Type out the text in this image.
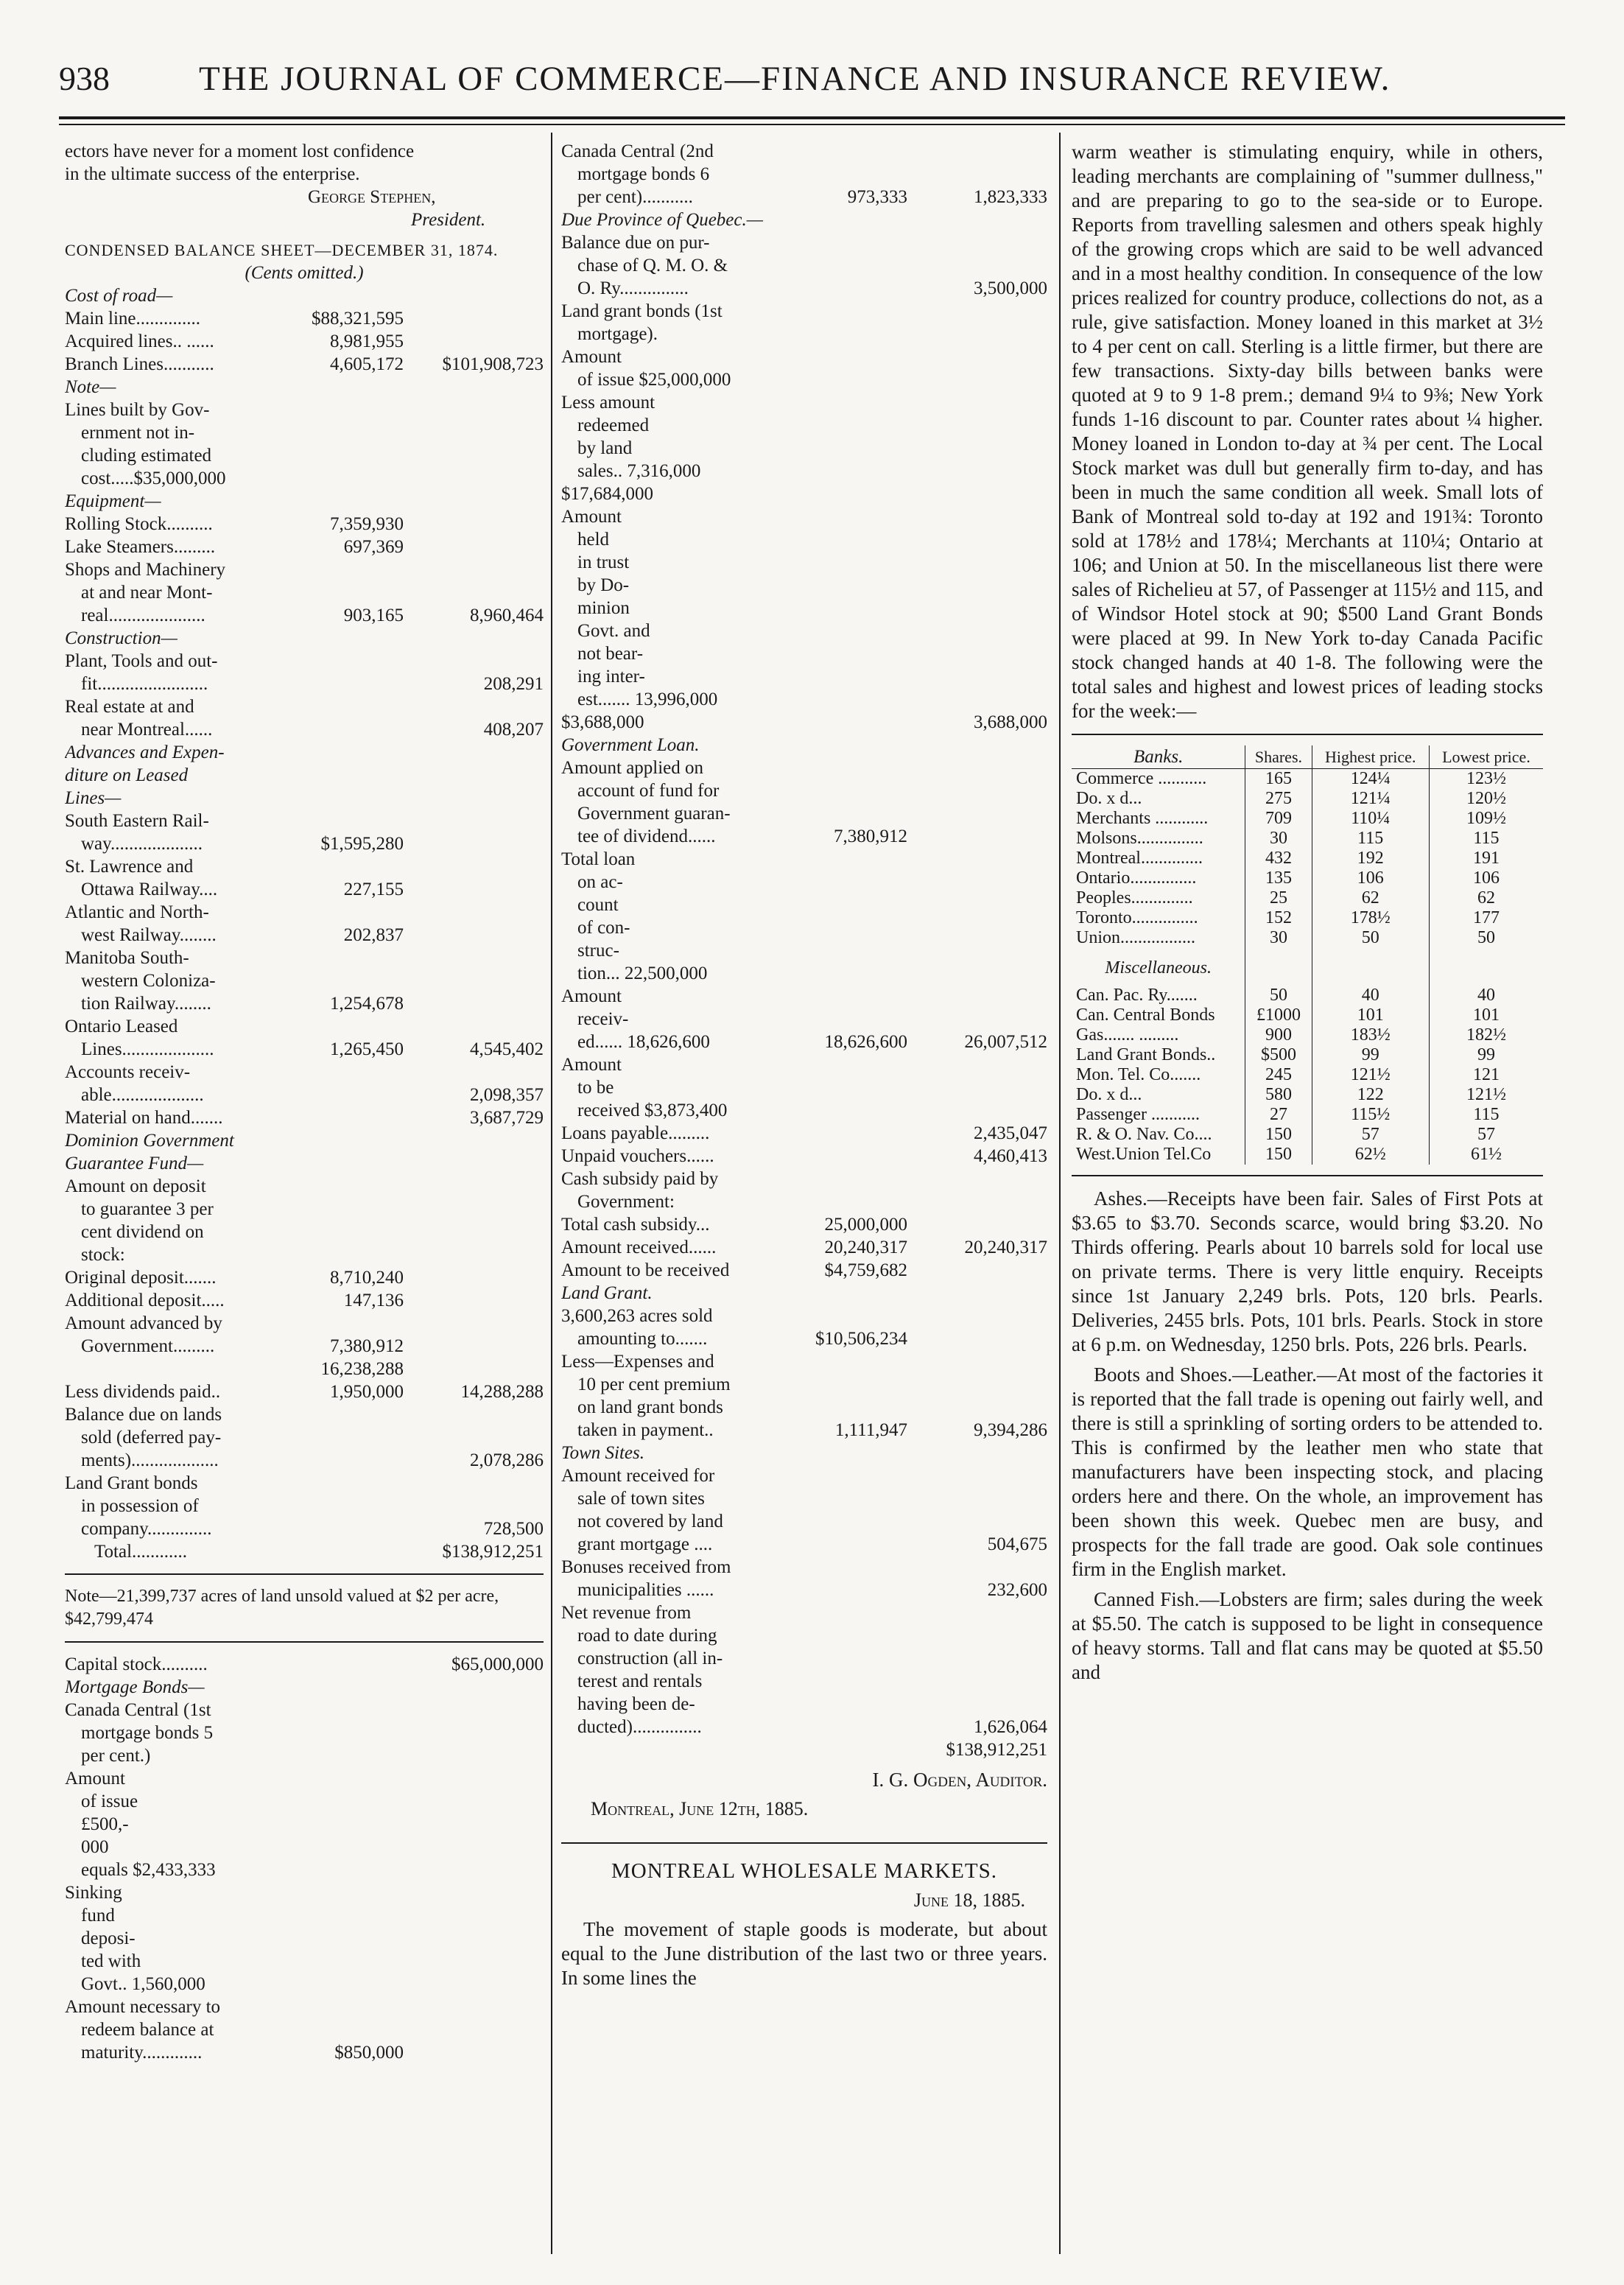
938	THE JOURNAL OF COMMERCE—FINANCE AND INSURANCE REVIEW.
ectors have never for a moment lost confidence
in the ultimate success of the enterprise.
George Stephen,
President.
CONDENSED BALANCE SHEET—DECEMBER 31, 1874.
(Cents omitted.)
Cost of road—
Main line..............	$88,321,595
Acquired lines.. ......	8,981,955
Branch Lines...........	4,605,172	$101,908,723
Note—
Lines built by Gov-
ernment not in-
cluding estimated
cost.....$35,000,000
Equipment—
Rolling Stock..........	7,359,930
Lake Steamers.........	697,369
Shops and Machinery
at and near Mont-
real.....................	903,165	8,960,464
Construction—
Plant, Tools and out-
fit........................	208,291
Real estate at and
near Montreal......	408,207
Advances and Expen-
diture on Leased
Lines—
South Eastern Rail-
way....................	$1,595,280
St. Lawrence and
Ottawa Railway....	227,155
Atlantic and North-
west Railway........	202,837
Manitoba South-
western Coloniza-
tion Railway........	1,254,678
Ontario Leased
Lines....................	1,265,450	4,545,402
Accounts receiv-
able....................	2,098,357
Material on hand.......	3,687,729
Dominion Government
Guarantee Fund—
Amount on deposit
to guarantee 3 per
cent dividend on
stock:
Original deposit.......	8,710,240
Additional deposit.....	147,136
Amount advanced by
Government.........	7,380,912
16,238,288
Less dividends paid..	1,950,000	14,288,288
Balance due on lands
sold (deferred pay-
ments)...................	2,078,286
Land Grant bonds
in possession of
company..............	728,500
Total............	$138,912,251
Note—21,399,737 acres of land unsold valued at $2 per acre, $42,799,474
Capital stock..........	$65,000,000
Mortgage Bonds—
Canada Central (1st
mortgage bonds 5
per cent.)
Amount
of issue
£500,-
000
equals $2,433,333
Sinking
fund
deposi-
ted with
Govt.. 1,560,000
Amount necessary to
redeem balance at
maturity.............	$850,000
Canada Central (2nd
mortgage bonds 6
per cent)...........	973,333	1,823,333
Due Province of Quebec.—
Balance due on pur-
chase of Q. M. O. &
O. Ry...............	3,500,000
Land grant bonds (1st
mortgage).
Amount
of issue $25,000,000
Less amount
redeemed
by land
sales.. 7,316,000
$17,684,000
Amount
held
in trust
by Do-
minion
Govt. and
not bear-
ing inter-
est....... 13,996,000
$3,688,000	3,688,000
Government Loan.
Amount applied on
account of fund for
Government guaran-
tee of dividend......	7,380,912
Total loan
on ac-
count
of con-
struc-
tion... 22,500,000
Amount
receiv-
ed...... 18,626,600	18,626,600	26,007,512
Amount
to be
received $3,873,400
Loans payable.........	2,435,047
Unpaid vouchers......	4,460,413
Cash subsidy paid by
Government:
Total cash subsidy...	25,000,000
Amount received......	20,240,317	20,240,317
Amount to be received	$4,759,682
Land Grant.
3,600,263 acres sold
amounting to.......	$10,506,234
Less—Expenses and
10 per cent premium
on land grant bonds
taken in payment..	1,111,947	9,394,286
Town Sites.
Amount received for
sale of town sites
not covered by land
grant mortgage ....	504,675
Bonuses received from
municipalities ......	232,600
Net revenue from
road to date during
construction (all in-
terest and rentals
having been de-
ducted)...............	1,626,064
$138,912,251
I. G. Ogden, Auditor.
Montreal, June 12th, 1885.
MONTREAL WHOLESALE MARKETS.
June 18, 1885.

The movement of staple goods is moderate, but about equal to the June distribution of the last two or three years. In some lines the

warm weather is stimulating enquiry, while in others, leading merchants are complaining of "summer dullness," and are preparing to go to the sea-side or to Europe. Reports from travelling salesmen and others speak highly of the growing crops which are said to be well advanced and in a most healthy condition. In consequence of the low prices realized for country produce, collections do not, as a rule, give satisfaction. Money loaned in this market at 3½ to 4 per cent on call. Sterling is a little firmer, but there are few transactions. Sixty-day bills between banks were quoted at 9 to 9 1-8 prem.; demand 9¼ to 9⅜; New York funds 1-16 discount to par. Counter rates about ¼ higher. Money loaned in London to-day at ¾ per cent. The Local Stock market was dull but generally firm to-day, and has been in much the same condition all week. Small lots of Bank of Montreal sold to-day at 192 and 191¾: Toronto sold at 178½ and 178¼; Merchants at 110¼; Ontario at 106; and Union at 50. In the miscellaneous list there were sales of Richelieu at 57, of Passenger at 115½ and 115, and of Windsor Hotel stock at 90; $500 Land Grant Bonds were placed at 99. In New York to-day Canada Pacific stock changed hands at 40 1-8. The following were the total sales and highest and lowest prices of leading stocks for the week:—

Banks.	Shares.	Highest price.	Lowest price.
Commerce ...........	165	124¼	123½
Do. x d...	275	121¼	120½
Merchants ............	709	110¼	109½
Molsons...............	30	115	115
Montreal..............	432	192	191
Ontario...............	135	106	106
Peoples..............	25	62	62
Toronto...............	152	178½	177
Union.................	30	50	50
Miscellaneous.			
Can. Pac. Ry.......	50	40	40
Can. Central Bonds	£1000	101	101
Gas....... .........	900	183½	182½
Land Grant Bonds..	$500	99	99
Mon. Tel. Co.......	245	121½	121
Do. x d...	580	122	121½
Passenger ...........	27	115½	115
R. & O. Nav. Co....	150	57	57
West.Union Tel.Co	150	62½	61½

Ashes.—Receipts have been fair. Sales of First Pots at $3.65 to $3.70. Seconds scarce, would bring $3.20. No Thirds offering. Pearls about 10 barrels sold for local use on private terms. There is very little enquiry. Receipts since 1st January 2,249 brls. Pots, 120 brls. Pearls. Deliveries, 2455 brls. Pots, 101 brls. Pearls. Stock in store at 6 p.m. on Wednesday, 1250 brls. Pots, 226 brls. Pearls.

Boots and Shoes.—Leather.—At most of the factories it is reported that the fall trade is opening out fairly well, and there is still a sprinkling of sorting orders to be attended to. This is confirmed by the leather men who state that manufacturers have been inspecting stock, and placing orders here and there. On the whole, an improvement has been shown this week. Quebec men are busy, and prospects for the fall trade are good. Oak sole continues firm in the English market.

Canned Fish.—Lobsters are firm; sales during the week at $5.50. The catch is supposed to be light in consequence of heavy storms. Tall and flat cans may be quoted at $5.50 and
